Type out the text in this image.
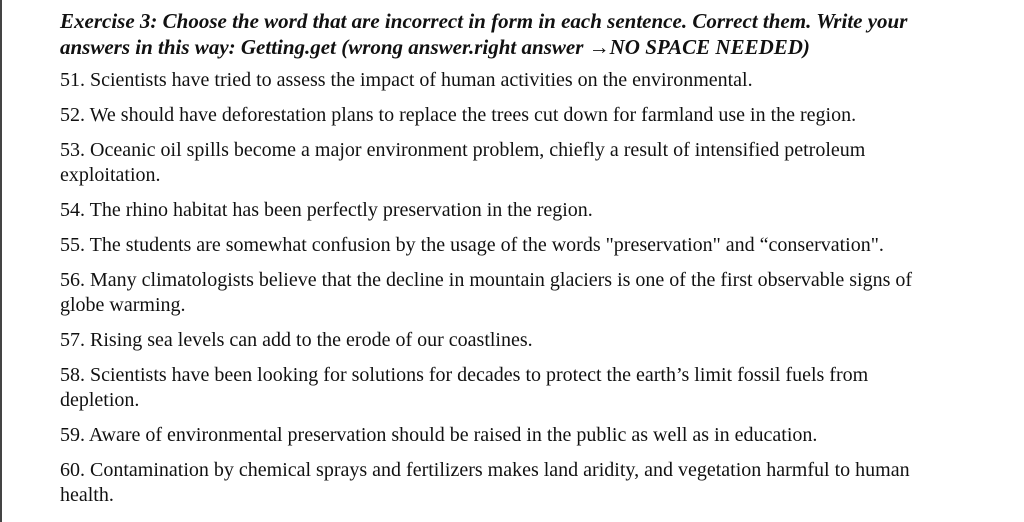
Exercise 3: Choose the word that are incorrect in form in each sentence. Correct them. Write your
answers in this way: Getting.get (wrong answer.right answer →NO SPACE NEEDED)
51. Scientists have tried to assess the impact of human activities on the environmental.
52. We should have deforestation plans to replace the trees cut down for farmland use in the region.
53. Oceanic oil spills become a major environment problem, chiefly a result of intensified petroleum
exploitation.
54. The rhino habitat has been perfectly preservation in the region.
55. The students are somewhat confusion by the usage of the words "preservation" and “conservation".
56. Many climatologists believe that the decline in mountain glaciers is one of the first observable signs of
globe warming.
57. Rising sea levels can add to the erode of our coastlines.
58. Scientists have been looking for solutions for decades to protect the earth’s limit fossil fuels from
depletion.
59. Aware of environmental preservation should be raised in the public as well as in education.
60. Contamination by chemical sprays and fertilizers makes land aridity, and vegetation harmful to human
health.
